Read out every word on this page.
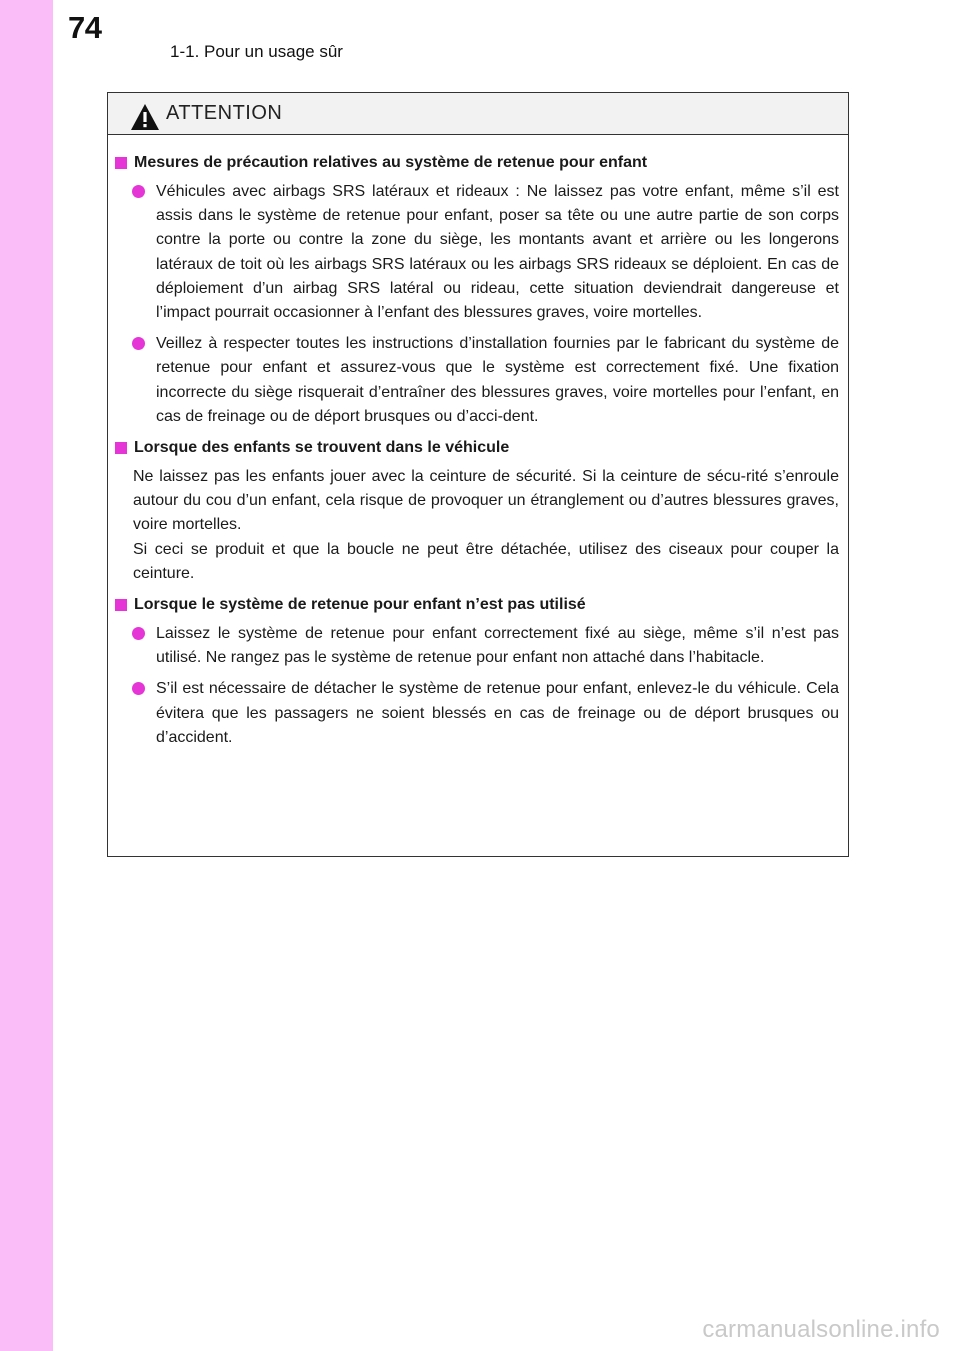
74
1-1. Pour un usage sûr
ATTENTION
Mesures de précaution relatives au système de retenue pour enfant
Véhicules avec airbags SRS latéraux et rideaux : Ne laissez pas votre enfant, même s’il est assis dans le système de retenue pour enfant, poser sa tête ou une autre partie de son corps contre la porte ou contre la zone du siège, les montants avant et arrière ou les longerons latéraux de toit où les airbags SRS latéraux ou les airbags SRS rideaux se déploient. En cas de déploiement d’un airbag SRS latéral ou rideau, cette situation deviendrait dangereuse et l’impact pourrait occasionner à l’enfant des blessures graves, voire mortelles.
Veillez à respecter toutes les instructions d’installation fournies par le fabricant du système de retenue pour enfant et assurez-vous que le système est correctement fixé. Une fixation incorrecte du siège risquerait d’entraîner des blessures graves, voire mortelles pour l’enfant, en cas de freinage ou de déport brusques ou d’acci-dent.
Lorsque des enfants se trouvent dans le véhicule
Ne laissez pas les enfants jouer avec la ceinture de sécurité. Si la ceinture de sécu-rité s’enroule autour du cou d’un enfant, cela risque de provoquer un étranglement ou d’autres blessures graves, voire mortelles.
Si ceci se produit et que la boucle ne peut être détachée, utilisez des ciseaux pour couper la ceinture.
Lorsque le système de retenue pour enfant n’est pas utilisé
Laissez le système de retenue pour enfant correctement fixé au siège, même s’il n’est pas utilisé. Ne rangez pas le système de retenue pour enfant non attaché dans l’habitacle.
S’il est nécessaire de détacher le système de retenue pour enfant, enlevez-le du véhicule. Cela évitera que les passagers ne soient blessés en cas de freinage ou de déport brusques ou d’accident.
carmanualsonline.info
